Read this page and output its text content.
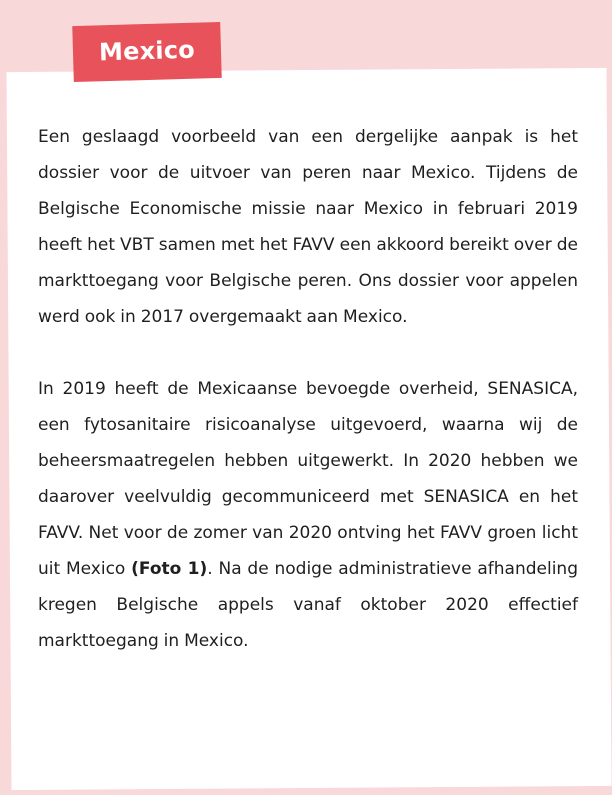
Mexico

Een geslaagd voorbeeld van een dergelijke aanpak is het dossier voor de uitvoer van peren naar Mexico. Tijdens de Belgische Economische missie naar Mexico in februari 2019 heeft het VBT samen met het FAVV een akkoord bereikt over de markttoegang voor Belgische peren. Ons dossier voor appelen werd ook in 2017 overgemaakt aan Mexico.

In 2019 heeft de Mexicaanse bevoegde overheid, SENASICA, een fytosanitaire risicoanalyse uitgevoerd, waarna wij de beheersmaatregelen hebben uitgewerkt. In 2020 hebben we daarover veelvuldig gecommuniceerd met SENASICA en het FAVV. Net voor de zomer van 2020 ontving het FAVV groen licht uit Mexico (Foto 1). Na de nodige administratieve afhandeling kregen Belgische appels vanaf oktober 2020 effectief markttoegang in Mexico.
